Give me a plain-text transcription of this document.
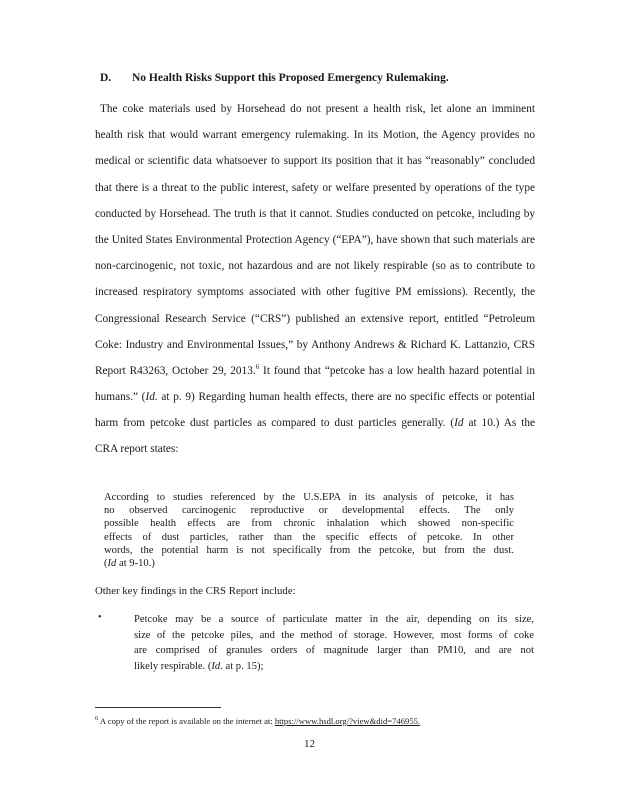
D. No Health Risks Support this Proposed Emergency Rulemaking.
The coke materials used by Horsehead do not present a health risk, let alone an imminent
health risk that would warrant emergency rulemaking. In its Motion, the Agency provides no
medical or scientific data whatsoever to support its position that it has “reasonably” concluded
that there is a threat to the public interest, safety or welfare presented by operations of the type
conducted by Horsehead. The truth is that it cannot. Studies conducted on petcoke, including by
the United States Environmental Protection Agency (“EPA”), have shown that such materials are
non-carcinogenic, not toxic, not hazardous and are not likely respirable (so as to contribute to
increased respiratory symptoms associated with other fugitive PM emissions). Recently, the
Congressional Research Service (“CRS”) published an extensive report, entitled “Petroleum
Coke: Industry and Environmental Issues,” by Anthony Andrews & Richard K. Lattanzio, CRS
Report R43263, October 29, 2013.$^6$ It found that “petcoke has a low health hazard potential in
humans.” (Id. at p. 9) Regarding human health effects, there are no specific effects or potential
harm from petcoke dust particles as compared to dust particles generally. (Id at 10.) As the
CRA report states:
According to studies referenced by the U.S.EPA in its analysis of petcoke, it has
no observed carcinogenic reproductive or developmental effects. The only
possible health effects are from chronic inhalation which showed non-specific
effects of dust particles, rather than the specific effects of petcoke. In other
words, the potential harm is not specifically from the petcoke, but from the dust.
(Id at 9-10.)
Other key findings in the CRS Report include:
•	Petcoke may be a source of particulate matter in the air, depending on its size,
size of the petcoke piles, and the method of storage. However, most forms of coke
are comprised of granules orders of magnitude larger than PM10, and are not
likely respirable. (Id. at p. 15);
$^6$ A copy of the report is available on the internet at: https://www.hsdl.org/?view&did=746955.
12
